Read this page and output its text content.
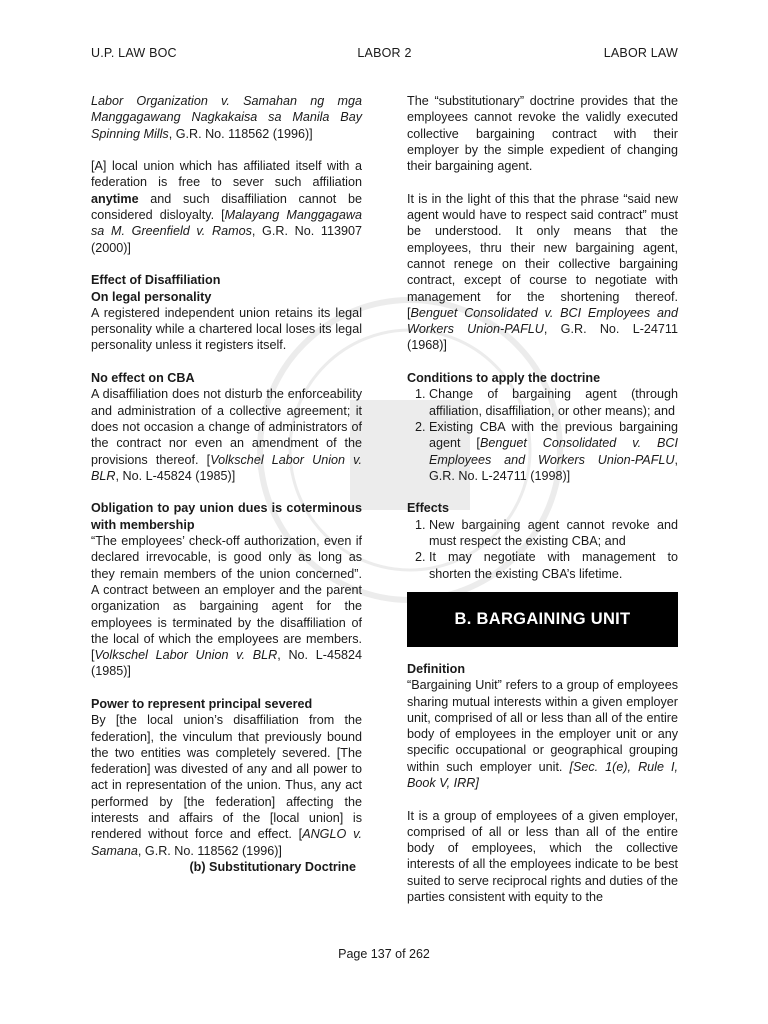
U.P. LAW BOC	LABOR 2	LABOR LAW

Labor Organization v. Samahan ng mga Manggagawang Nagkakaisa sa Manila Bay Spinning Mills, G.R. No. 118562 (1996)]

[A] local union which has affiliated itself with a federation is free to sever such affiliation anytime and such disaffiliation cannot be considered disloyalty. [Malayang Manggagawa sa M. Greenfield v. Ramos, G.R. No. 113907 (2000)]

Effect of Disaffiliation

On legal personality

A registered independent union retains its legal personality while a chartered local loses its legal personality unless it registers itself.

No effect on CBA

A disaffiliation does not disturb the enforceability and administration of a collective agreement; it does not occasion a change of administrators of the contract nor even an amendment of the provisions thereof. [Volkschel Labor Union v. BLR, No. L-45824 (1985)]

Obligation to pay union dues is coterminous with membership

“The employees’ check-off authorization, even if declared irrevocable, is good only as long as they remain members of the union concerned”. A contract between an employer and the parent organization as bargaining agent for the employees is terminated by the disaffiliation of the local of which the employees are members. [Volkschel Labor Union v. BLR, No. L-45824 (1985)]

Power to represent principal severed

By [the local union’s disaffiliation from the federation], the vinculum that previously bound the two entities was completely severed. [The federation] was divested of any and all power to act in representation of the union. Thus, any act performed by [the federation] affecting the interests and affairs of the [local union] is rendered without force and effect. [ANGLO v. Samana, G.R. No. 118562 (1996)]

(b) Substitutionary Doctrine

The “substitutionary” doctrine provides that the employees cannot revoke the validly executed collective bargaining contract with their employer by the simple expedient of changing their bargaining agent.

It is in the light of this that the phrase “said new agent would have to respect said contract” must be understood. It only means that the employees, thru their new bargaining agent, cannot renege on their collective bargaining contract, except of course to negotiate with management for the shortening thereof. [Benguet Consolidated v. BCI Employees and Workers Union-PAFLU, G.R. No. L-24711 (1968)]

Conditions to apply the doctrine

1. Change of bargaining agent (through affiliation, disaffiliation, or other means); and
2. Existing CBA with the previous bargaining agent [Benguet Consolidated v. BCI Employees and Workers Union-PAFLU, G.R. No. L-24711 (1998)]

Effects

1. New bargaining agent cannot revoke and must respect the existing CBA; and
2. It may negotiate with management to shorten the existing CBA’s lifetime.
B. BARGAINING UNIT

Definition

“Bargaining Unit” refers to a group of employees sharing mutual interests within a given employer unit, comprised of all or less than all of the entire body of employees in the employer unit or any specific occupational or geographical grouping within such employer unit. [Sec. 1(e), Rule I, Book V, IRR]

It is a group of employees of a given employer, comprised of all or less than all of the entire body of employees, which the collective interests of all the employees indicate to be best suited to serve reciprocal rights and duties of the parties consistent with equity to the

Page 137 of 262
